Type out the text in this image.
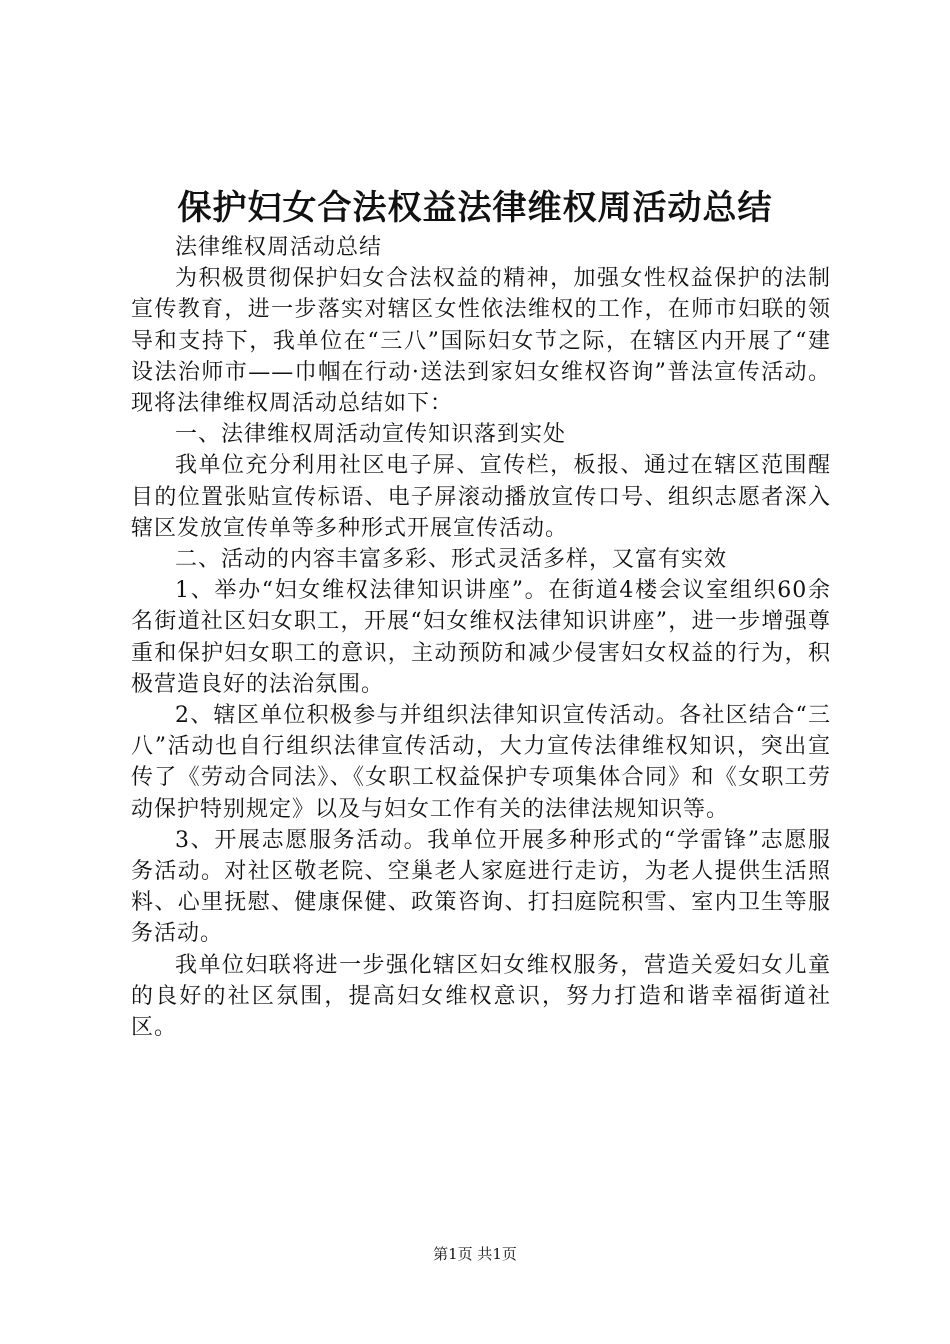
保护妇女合法权益法律维权周活动总结

法律维权周活动总结

为积极贯彻保护妇女合法权益的精神，加强女性权益保护的法制宣传教育，进一步落实对辖区女性依法维权的工作，在师市妇联的领导和支持下，我单位在“三八”国际妇女节之际，在辖区内开展了“建设法治师市——巾帼在行动·送法到家妇女维权咨询”普法宣传活动。现将法律维权周活动总结如下：

一、法律维权周活动宣传知识落到实处

我单位充分利用社区电子屏、宣传栏，板报、通过在辖区范围醒目的位置张贴宣传标语、电子屏滚动播放宣传口号、组织志愿者深入辖区发放宣传单等多种形式开展宣传活动。

二、活动的内容丰富多彩、形式灵活多样，又富有实效

1、举办“妇女维权法律知识讲座”。在街道4楼会议室组织60余名街道社区妇女职工，开展“妇女维权法律知识讲座”，进一步增强尊重和保护妇女职工的意识，主动预防和减少侵害妇女权益的行为，积极营造良好的法治氛围。

2、辖区单位积极参与并组织法律知识宣传活动。各社区结合“三八”活动也自行组织法律宣传活动，大力宣传法律维权知识，突出宣传了《劳动合同法》、《女职工权益保护专项集体合同》和《女职工劳动保护特别规定》以及与妇女工作有关的法律法规知识等。

3、开展志愿服务活动。我单位开展多种形式的“学雷锋”志愿服务活动。对社区敬老院、空巢老人家庭进行走访，为老人提供生活照料、心里抚慰、健康保健、政策咨询、打扫庭院积雪、室内卫生等服务活动。

我单位妇联将进一步强化辖区妇女维权服务，营造关爱妇女儿童的良好的社区氛围，提高妇女维权意识，努力打造和谐幸福街道社区。

第1页 共1页
